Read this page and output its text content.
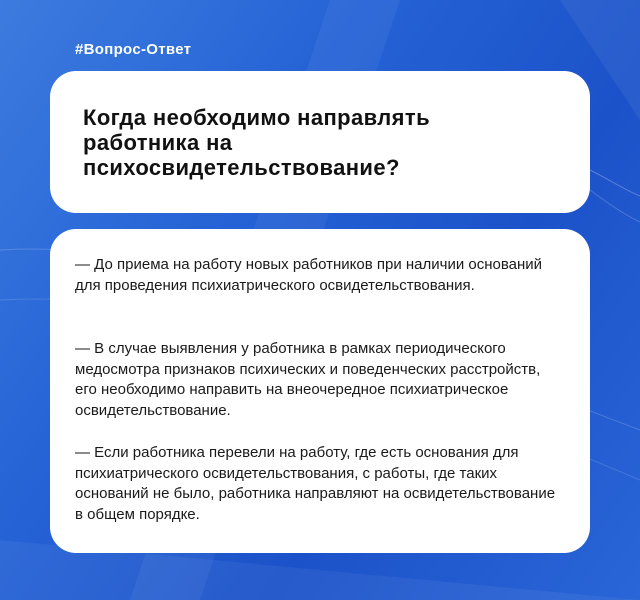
#Вопрос-Ответ
Когда необходимо направлять работника на психосвидетельствование?

— До приема на работу новых работников при наличии оснований для проведения психиатрического освидетельствования.

— В случае выявления у работника в рамках периодического медосмотра признаков психических и поведенческих расстройств, его необходимо направить на внеочередное психиатрическое освидетельствование.

— Если работника перевели на работу, где есть основания для психиатрического освидетельствования, с работы, где таких оснований не было, работника направляют на освидетельствование в общем порядке.
